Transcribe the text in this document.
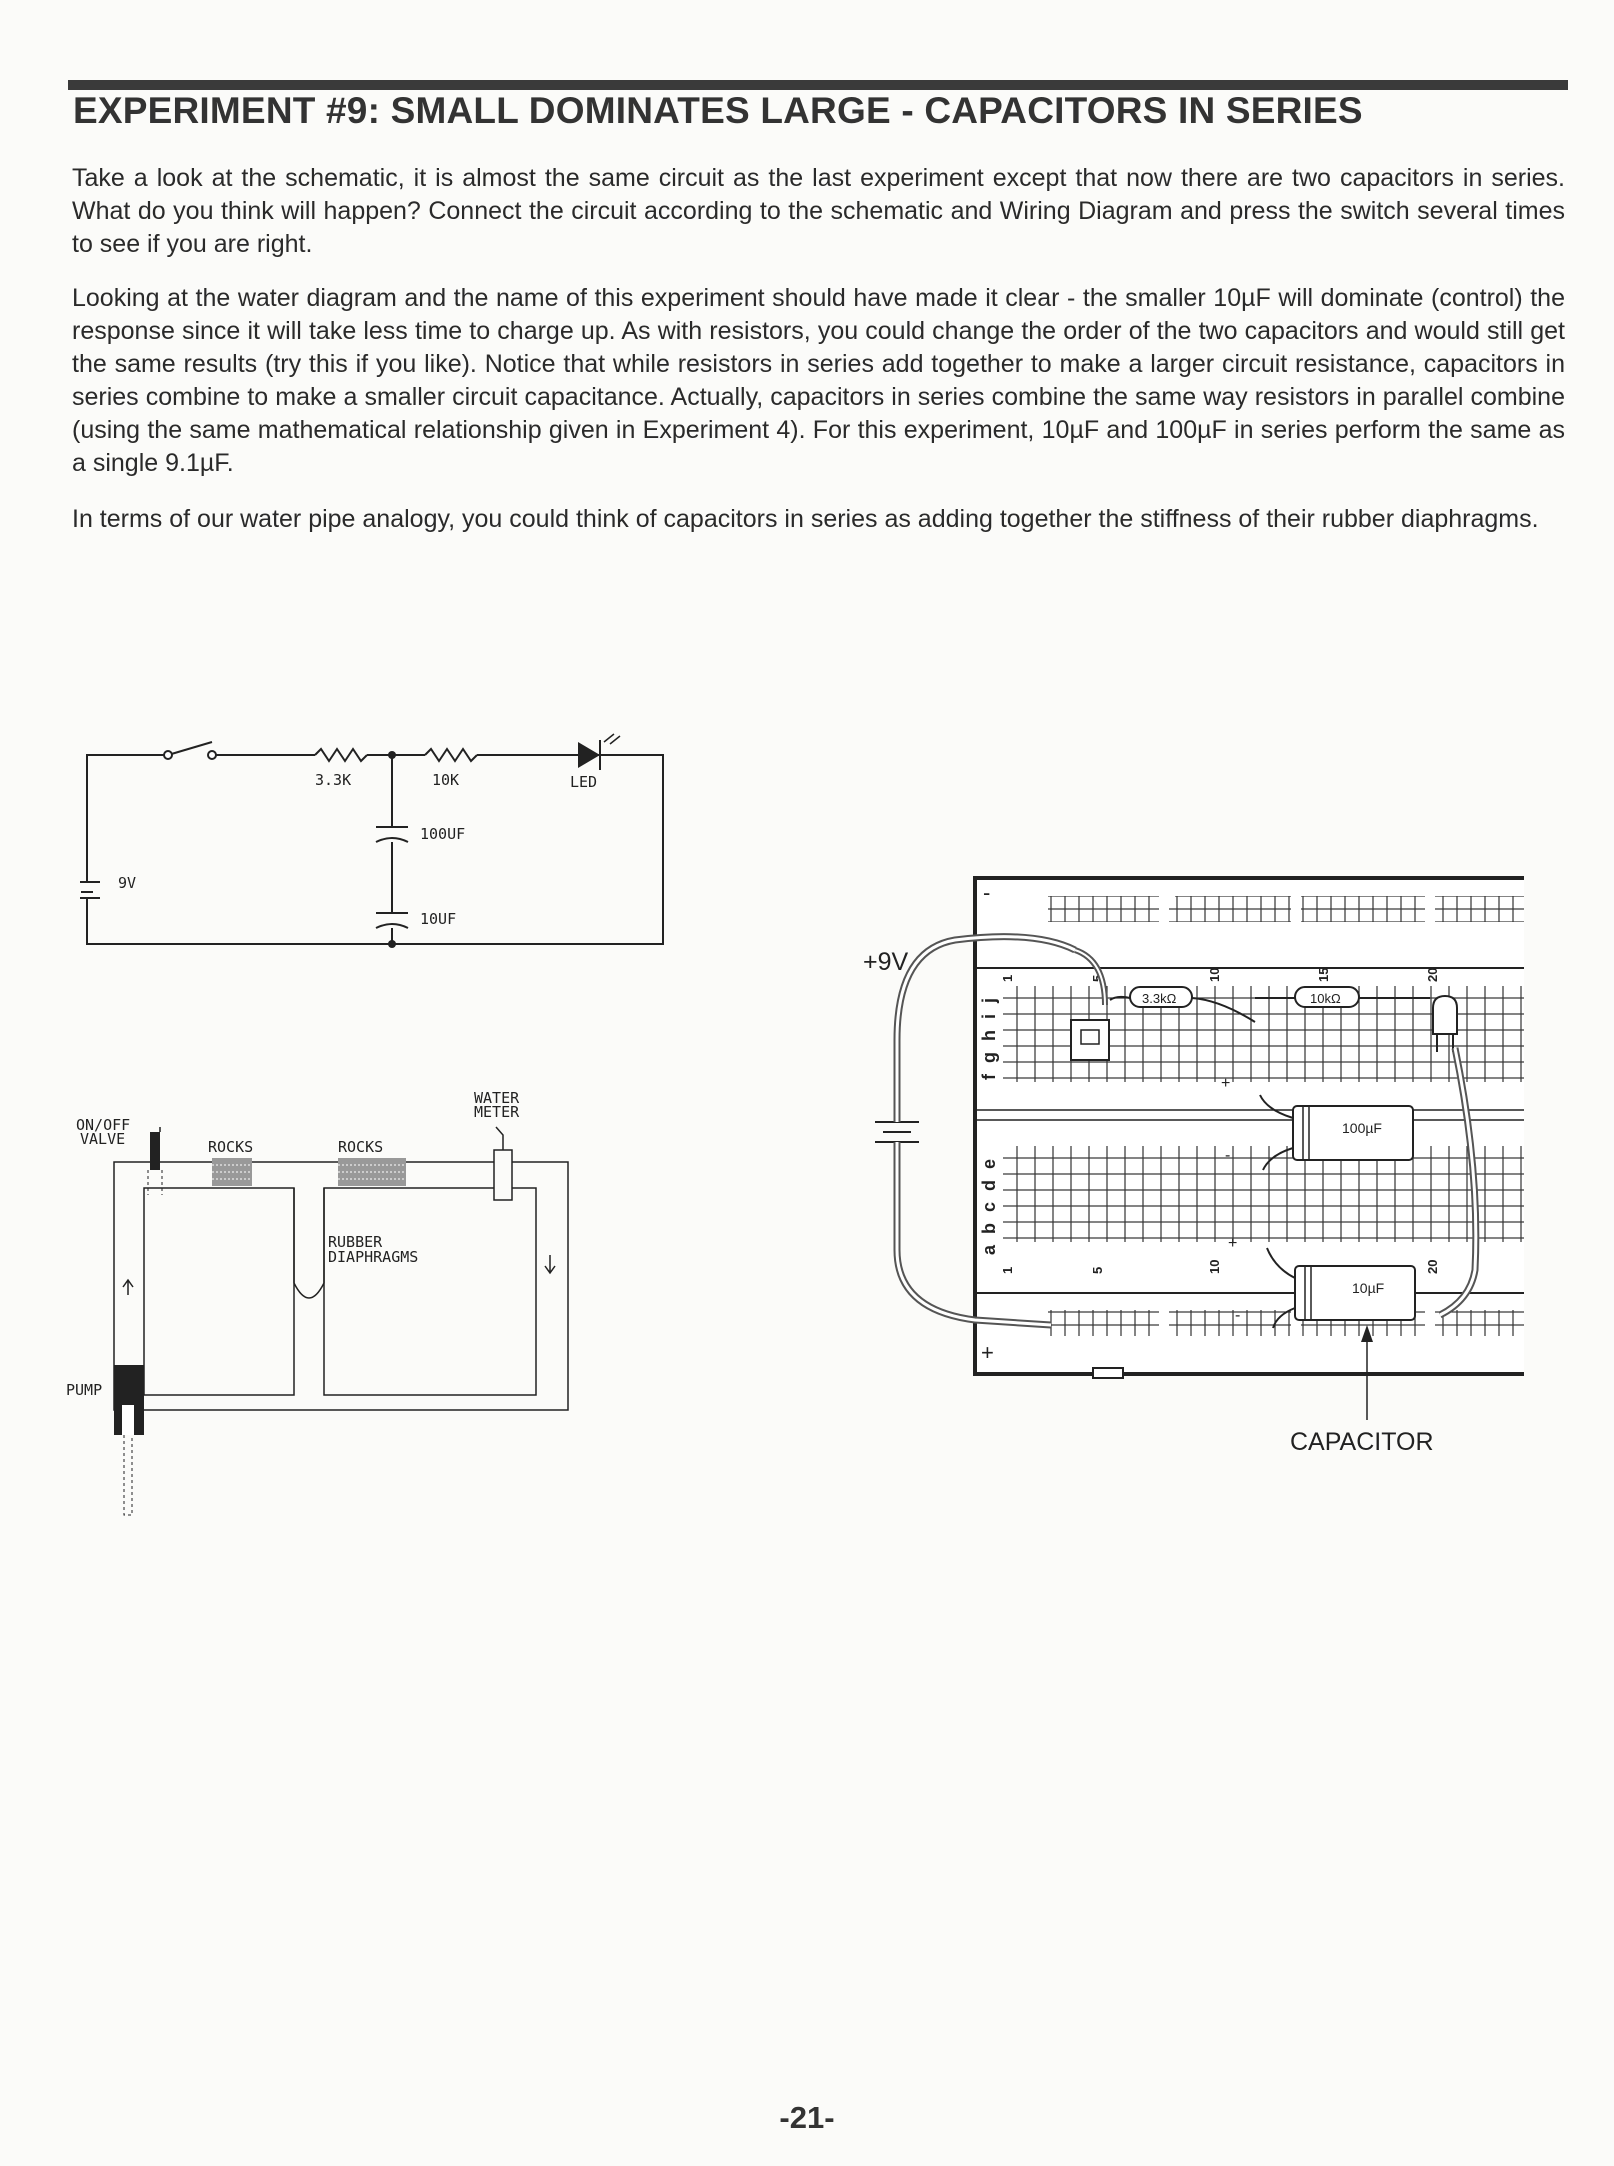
EXPERIMENT #9: SMALL DOMINATES LARGE - CAPACITORS IN SERIES
Take a look at the schematic, it is almost the same circuit as the last experiment except that now there are two capacitors in series. What do you think will happen? Connect the circuit according to the schematic and Wiring Diagram and press the switch several times to see if you are right.
Looking at the water diagram and the name of this experiment should have made it clear - the smaller 10µF will dominate (control) the response since it will take less time to charge up. As with resistors, you could change the order of the two capacitors and would still get the same results (try this if you like). Notice that while resistors in series add together to make a larger circuit resistance, capacitors in series combine to make a smaller circuit capacitance. Actually, capacitors in series combine the same way resistors in parallel combine (using the same mathematical relationship given in Experiment 4). For this experiment, 10µF and 100µF in series perform the same as a single 9.1µF.
In terms of our water pipe analogy, you could think of capacitors in series as adding together the stiffness of their rubber diaphragms.
9V
3.3K	10K	LED
100UF
10UF
ON/OFF
VALVE	ROCKS	ROCKS
WATER
METER
RUBBER
DIAPHRAGMS
PUMP
f g h i j
a b c d e
1	5	10	15	20
1	5	10	20
-
+
+9V
3.3kΩ	10kΩ
100µF
+
-
10µF
+
-
CAPACITOR
-21-
